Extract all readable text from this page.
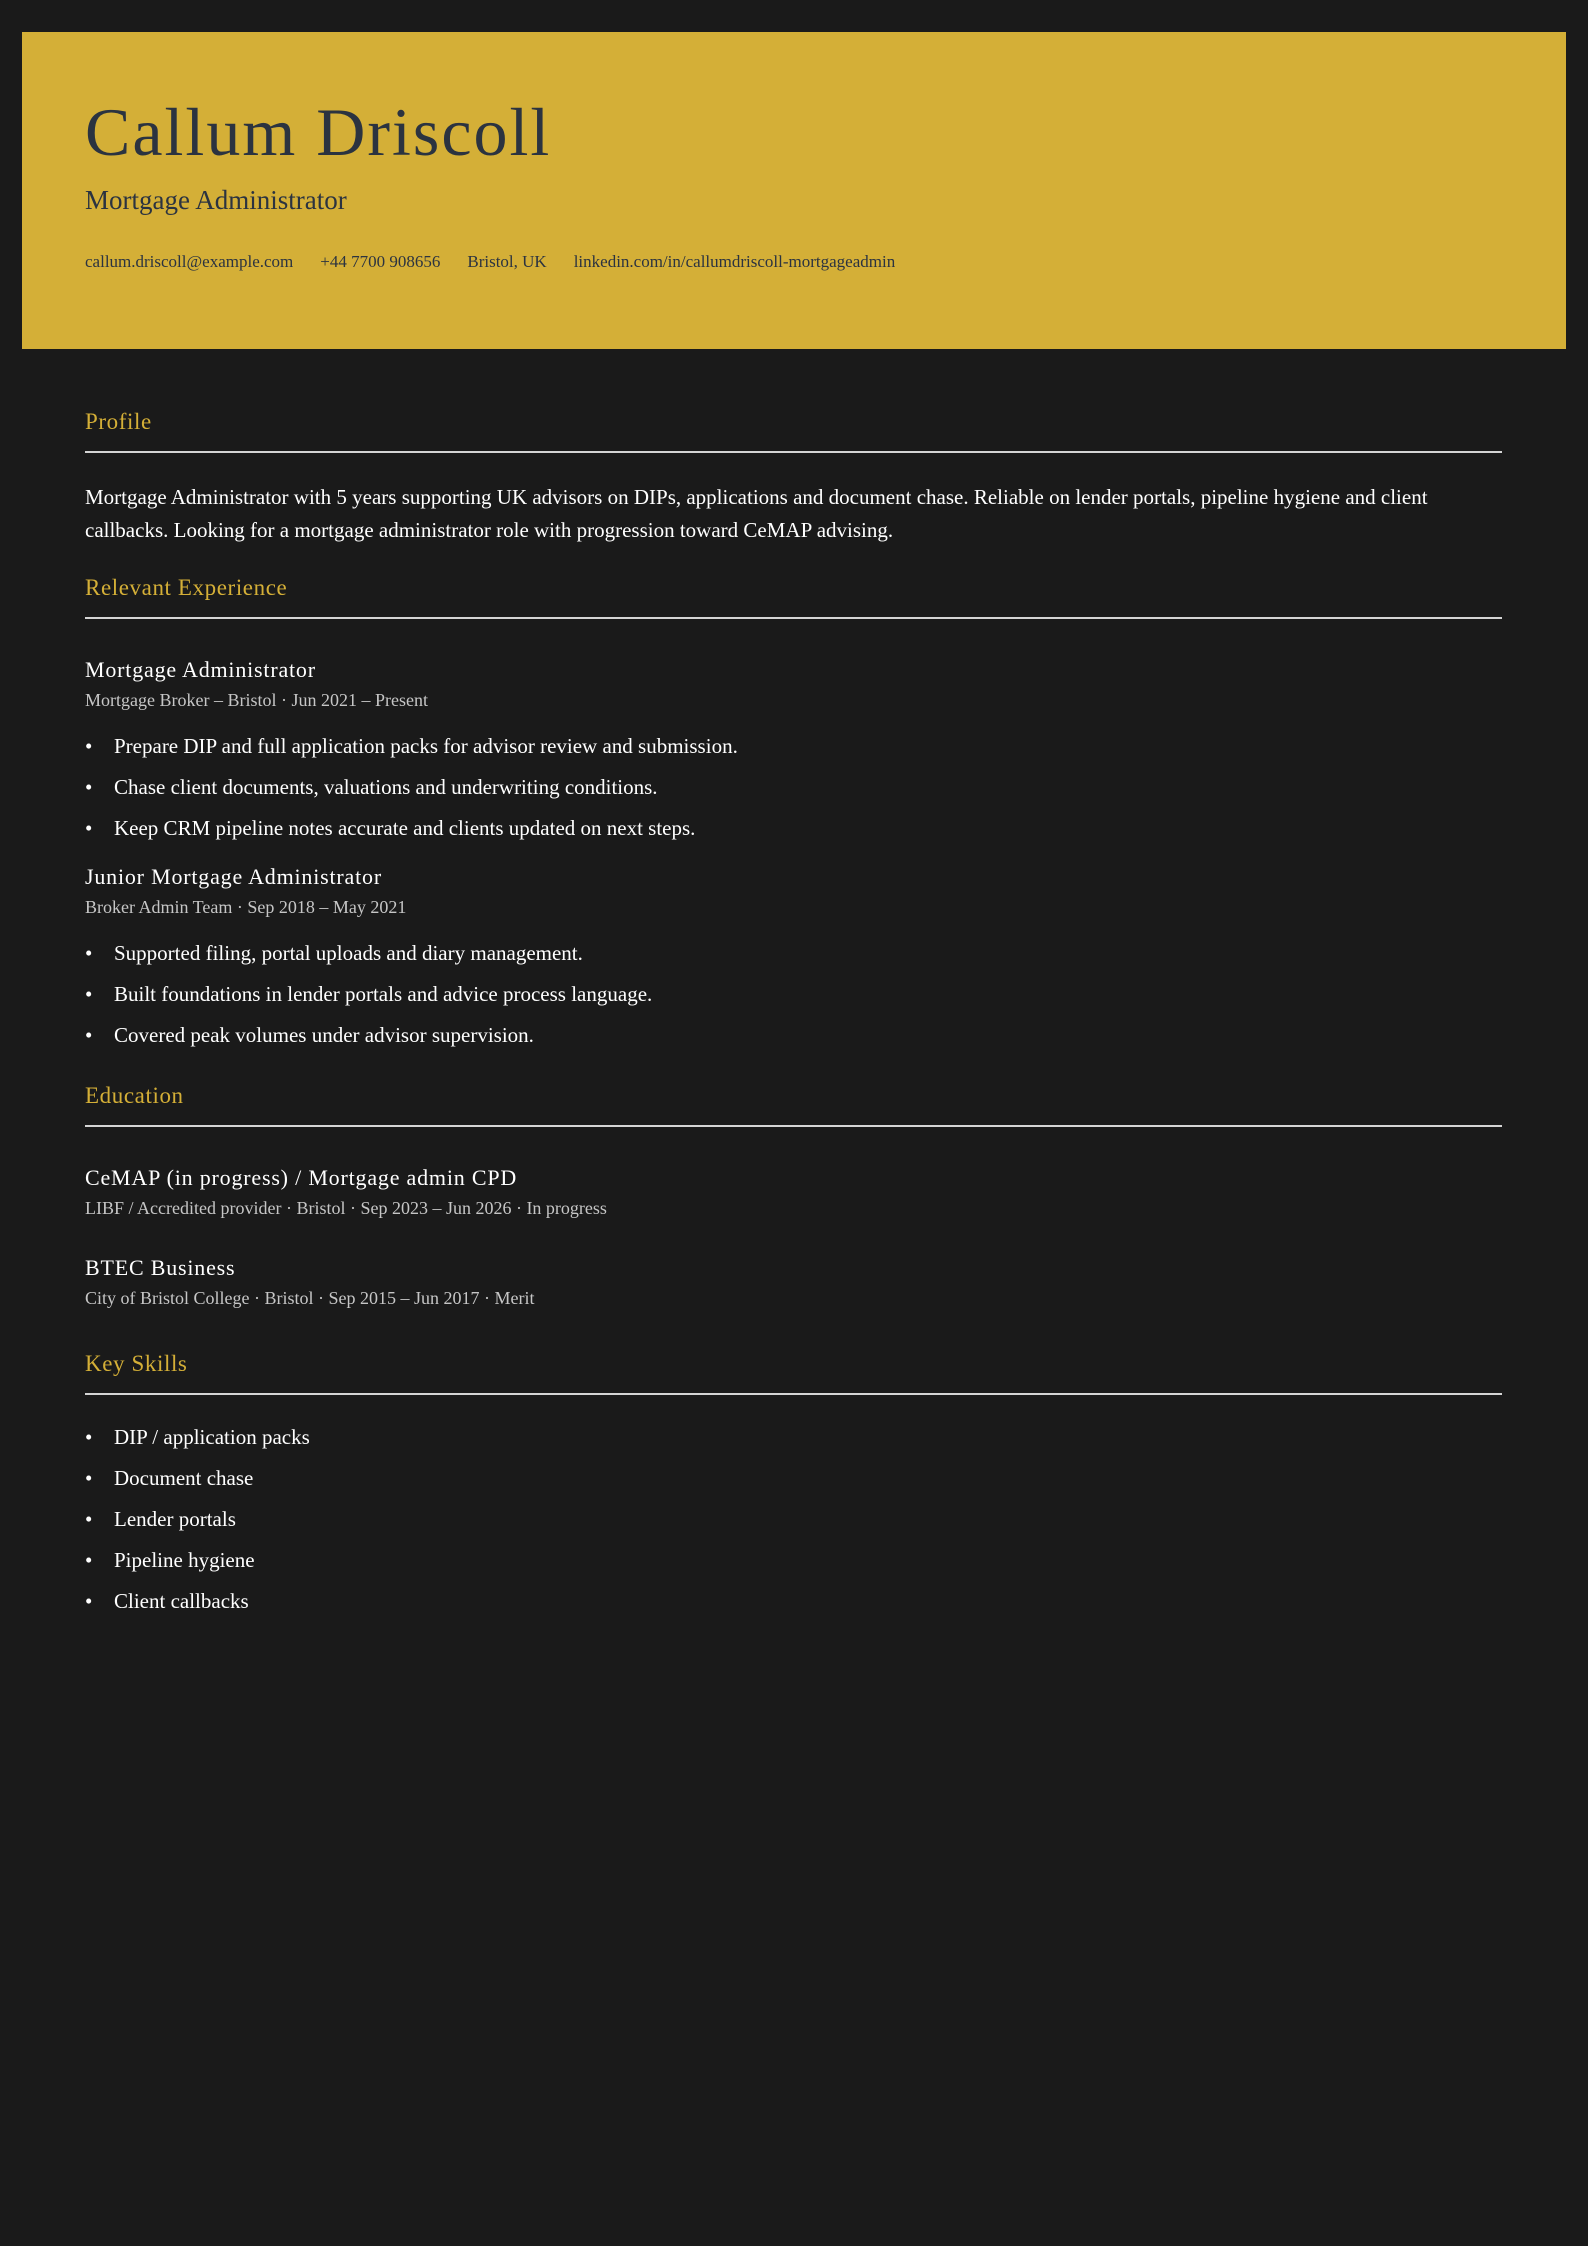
Callum Driscoll
Mortgage Administrator
callum.driscoll@example.com +44 7700 908656 Bristol, UK linkedin.com/in/callumdriscoll-mortgageadmin
Profile

Mortgage Administrator with 5 years supporting UK advisors on DIPs, applications and document chase. Reliable on lender portals, pipeline hygiene and client callbacks. Looking for a mortgage administrator role with progression toward CeMAP advising.

Relevant Experience
Mortgage Administrator
Mortgage Broker – Bristol · Jun 2021 – Present
• Prepare DIP and full application packs for advisor review and submission.
• Chase client documents, valuations and underwriting conditions.
• Keep CRM pipeline notes accurate and clients updated on next steps.
Junior Mortgage Administrator
Broker Admin Team · Sep 2018 – May 2021
• Supported filing, portal uploads and diary management.
• Built foundations in lender portals and advice process language.
• Covered peak volumes under advisor supervision.
Education
CeMAP (in progress) / Mortgage admin CPD
LIBF / Accredited provider · Bristol · Sep 2023 – Jun 2026 · In progress
BTEC Business
City of Bristol College · Bristol · Sep 2015 – Jun 2017 · Merit
Key Skills
• DIP / application packs
• Document chase
• Lender portals
• Pipeline hygiene
• Client callbacks
